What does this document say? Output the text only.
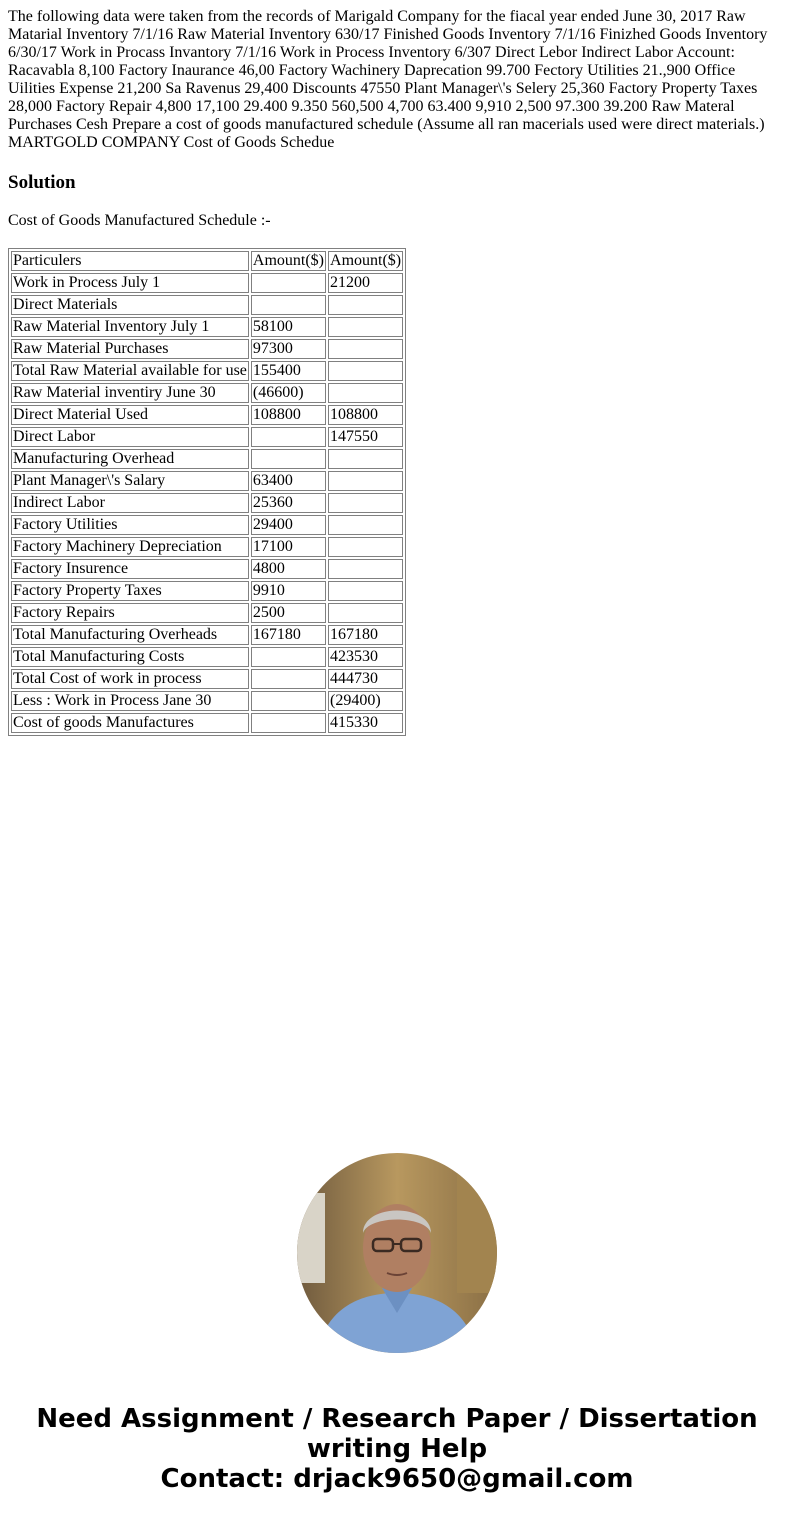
The following data were taken from the records of Marigald Company for the fiacal year ended June 30, 2017 Raw Matarial Inventory 7/1/16 Raw Material Inventory 630/17 Finished Goods Inventory 7/1/16 Finizhed Goods Inventory 6/30/17 Work in Procass Invantory 7/1/16 Work in Process Inventory 6/307 Direct Lebor Indirect Labor Account: Racavabla 8,100 Factory Inaurance 46,00 Factory Wachinery Daprecation 99.700 Fectory Utilities 21.,900 Office Uilities Expense 21,200 Sa Ravenus 29,400 Discounts 47550 Plant Manager\'s Selery 25,360 Factory Property Taxes 28,000 Factory Repair 4,800 17,100 29.400 9.350 560,500 4,700 63.400 9,910 2,500 97.300 39.200 Raw Materal Purchases Cesh Prepare a cost of goods manufactured schedule (Assume all ran macerials used were direct materials.) MARTGOLD COMPANY Cost of Goods Schedue
Solution

Cost of Goods Manufactured Schedule :-

Particulers	Amount($)	Amount($)
Work in Process July 1		21200
Direct Materials		
Raw Material Inventory July 1	58100	
Raw Material Purchases	97300	
Total Raw Material available for use	155400	
Raw Material inventiry June 30	(46600)	
Direct Material Used	108800	108800
Direct Labor		147550
Manufacturing Overhead		
Plant Manager\'s Salary	63400	
Indirect Labor	25360	
Factory Utilities	29400	
Factory Machinery Depreciation	17100	
Factory Insurence	4800	
Factory Property Taxes	9910	
Factory Repairs	2500	
Total Manufacturing Overheads	167180	167180
Total Manufacturing Costs		423530
Total Cost of work in process		444730
Less : Work in Process Jane 30		(29400)
Cost of goods Manufactures		415330
Need Assignment / Research Paper / Dissertation
writing Help
Contact: drjack9650@gmail.com
